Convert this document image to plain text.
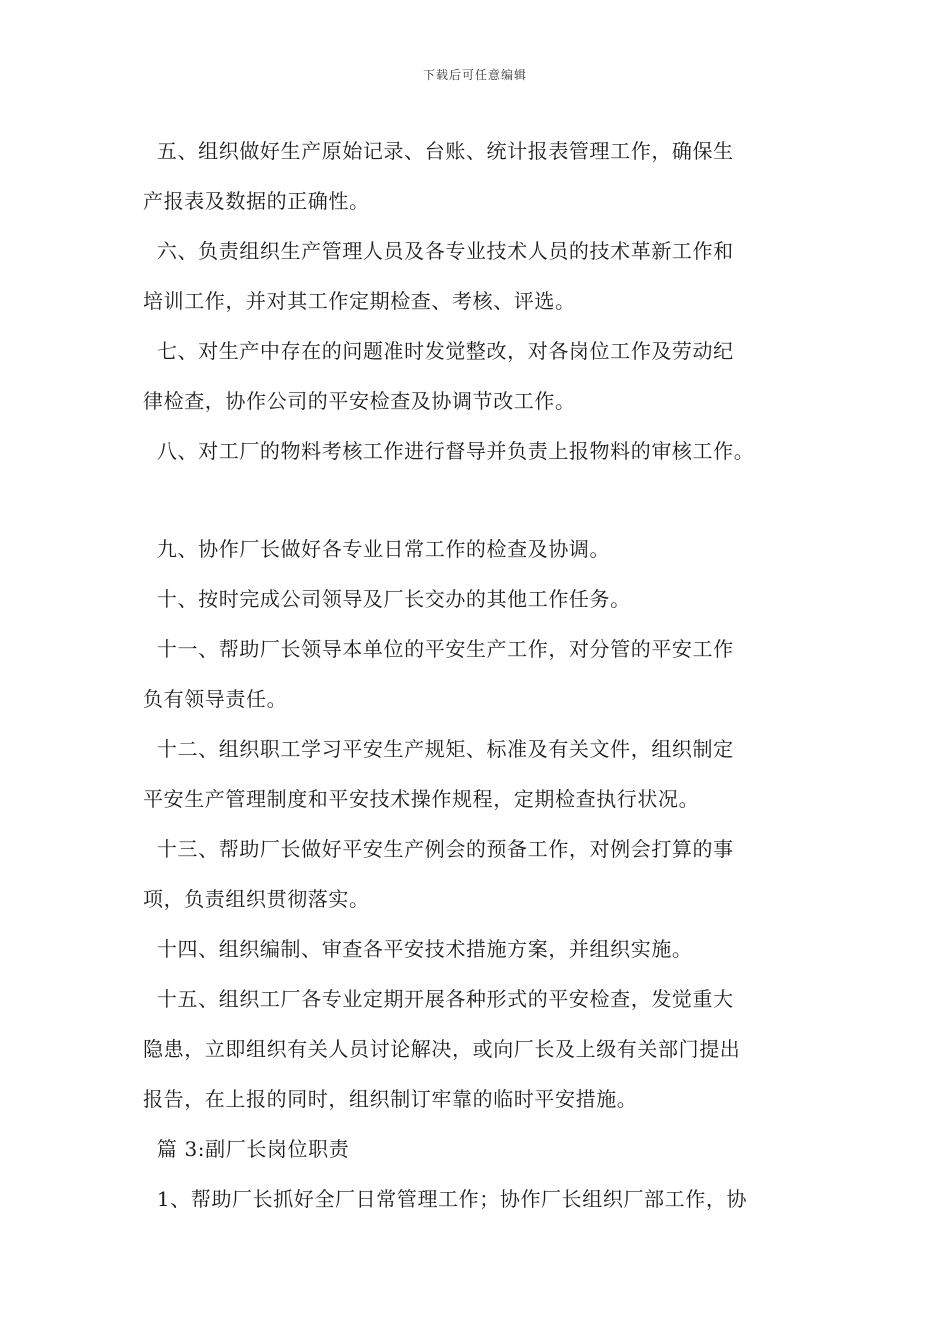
下载后可任意编辑
五、组织做好生产原始记录、台账、统计报表管理工作，确保生
产报表及数据的正确性。
六、负责组织生产管理人员及各专业技术人员的技术革新工作和
培训工作，并对其工作定期检查、考核、评选。
七、对生产中存在的问题准时发觉整改，对各岗位工作及劳动纪
律检查，协作公司的平安检查及协调节改工作。
八、对工厂的物料考核工作进行督导并负责上报物料的审核工作。
九、协作厂长做好各专业日常工作的检查及协调。
十、按时完成公司领导及厂长交办的其他工作任务。
十一、帮助厂长领导本单位的平安生产工作，对分管的平安工作
负有领导责任。
十二、组织职工学习平安生产规矩、标准及有关文件，组织制定
平安生产管理制度和平安技术操作规程，定期检查执行状况。
十三、帮助厂长做好平安生产例会的预备工作，对例会打算的事
项，负责组织贯彻落实。
十四、组织编制、审查各平安技术措施方案，并组织实施。
十五、组织工厂各专业定期开展各种形式的平安检查，发觉重大
隐患，立即组织有关人员讨论解决，或向厂长及上级有关部门提出
报告，在上报的同时，组织制订牢靠的临时平安措施。
篇 3:副厂长岗位职责
1、帮助厂长抓好全厂日常管理工作；协作厂长组织厂部工作，协
